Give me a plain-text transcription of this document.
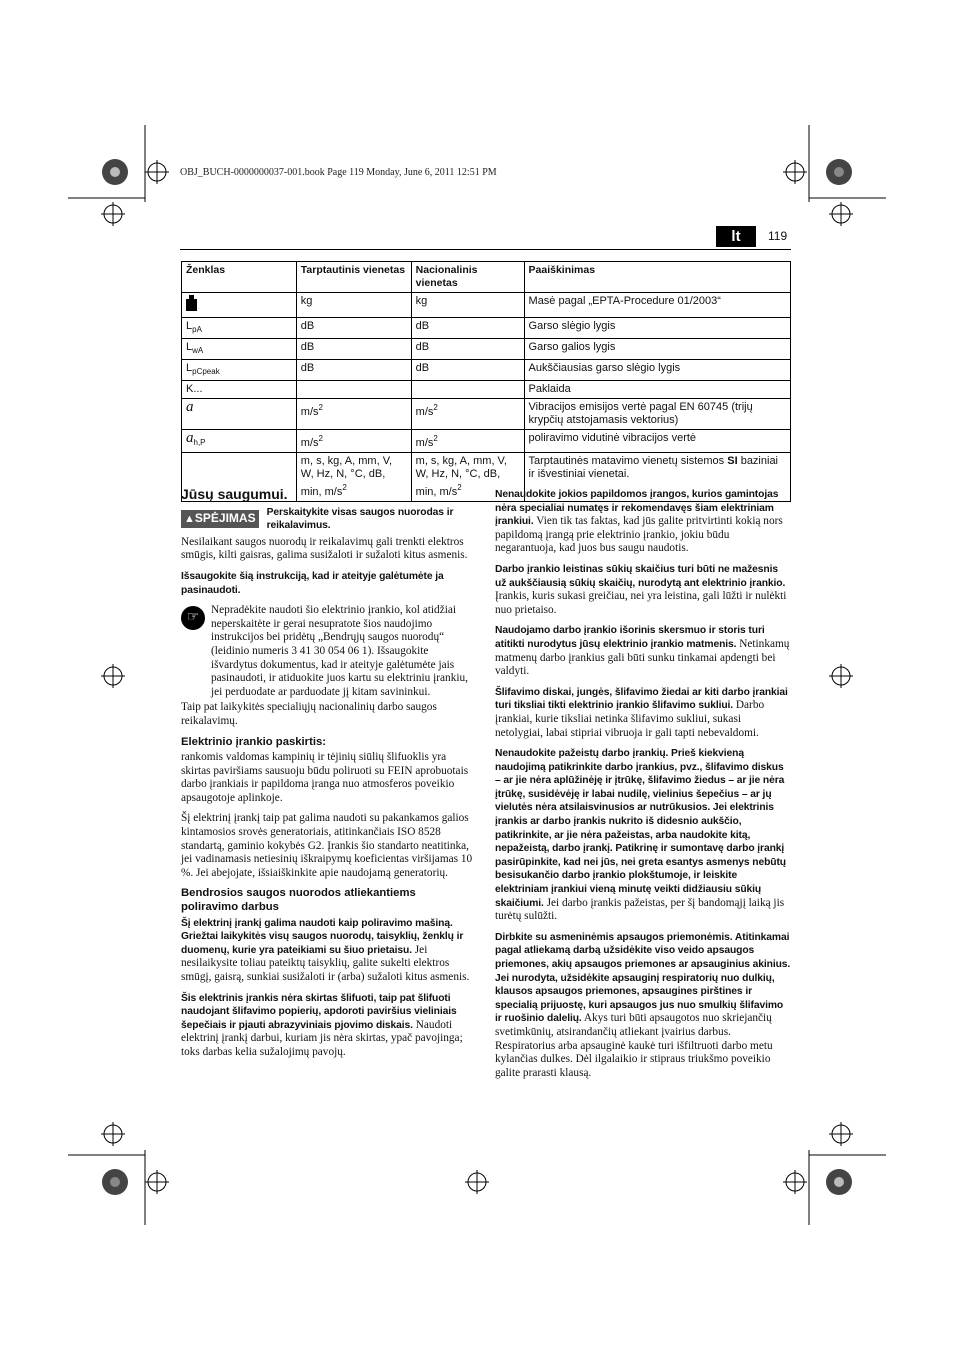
OBJ_BUCH-0000000037-001.book Page 119 Monday, June 6, 2011 12:51 PM
lt	119
Ženklas	Tarptautinis vienetas	Nacionalinis vienetas	Paaiškinimas
	kg	kg	Masė pagal „EPTA-Procedure 01/2003“
$L_{pA}$	dB	dB	Garso slėgio lygis
$L_{wA}$	dB	dB	Garso galios lygis
$L_{pCpeak}$	dB	dB	Aukščiausias garso slėgio lygis
K...			Paklaida
a	$m/s^2$	$m/s^2$	Vibracijos emisijos vertė pagal EN 60745 (trijų krypčių atstojamasis vektorius)
$a_{h,P}$	$m/s^2$	$m/s^2$	poliravimo vidutinė vibracijos vertė
	m, s, kg, A, mm, V, W, Hz, N, °C, dB, min, $m/s^2$	m, s, kg, A, mm, V, W, Hz, N, °C, dB, min, $m/s^2$	Tarptautinės matavimo vienetų sistemos SI baziniai ir išvestiniai vienetai.
Jūsų saugumui.
▲SPĖJIMAS Perskaitykite visas saugos nuorodas ir reikalavimus.

Nesilaikant saugos nuorodų ir reikalavimų gali trenkti elektros smūgis, kilti gaisras, galima susižaloti ir sužaloti kitus asmenis.

Išsaugokite šią instrukciją, kad ir ateityje galėtumėte ja pasinaudoti.

☞

Nepradėkite naudoti šio elektrinio įrankio, kol atidžiai neperskaitėte ir gerai nesupratote šios naudojimo instrukcijos bei pridėtų „Bendrųjų saugos nuorodų“ (leidinio numeris 3 41 30 054 06 1). Išsaugokite išvardytus dokumentus, kad ir ateityje galėtumėte jais pasinaudoti, ir atiduokite juos kartu su elektriniu įrankiu, jei perduodate ar parduodate jį kitam savininkui.

Taip pat laikykitės specialiųjų nacionalinių darbo saugos reikalavimų.

Elektrinio įrankio paskirtis:

rankomis valdomas kampinių ir tėjinių siūlių šlifuoklis yra skirtas paviršiams sausuoju būdu poliruoti su FEIN aprobuotais darbo įrankiais ir papildoma įranga nuo atmosferos poveikio apsaugotoje aplinkoje.

Šį elektrinį įrankį taip pat galima naudoti su pakankamos galios kintamosios srovės generatoriais, atitinkančiais ISO 8528 standartą, gaminio kokybės G2. Įrankis šio standarto neatitinka, jei vadinamasis netiesinių iškraipymų koeficientas viršijamas 10 %. Jei abejojate, išsiaiškinkite apie naudojamą generatorių.

Bendrosios saugos nuorodos atliekantiems poliravimo darbus

Šį elektrinį įrankį galima naudoti kaip poliravimo mašiną. Griežtai laikykitės visų saugos nuorodų, taisyklių, ženklų ir duomenų, kurie yra pateikiami su šiuo prietaisu. Jei nesilaikysite toliau pateiktų taisyklių, galite sukelti elektros smūgį, gaisrą, sunkiai susižaloti ir (arba) sužaloti kitus asmenis.

Šis elektrinis įrankis nėra skirtas šlifuoti, taip pat šlifuoti naudojant šlifavimo popierių, apdoroti paviršius vieliniais šepečiais ir pjauti abrazyviniais pjovimo diskais. Naudoti elektrinį įrankį darbui, kuriam jis nėra skirtas, ypač pavojinga; toks darbas kelia sužalojimų pavojų.

Nenaudokite jokios papildomos įrangos, kurios gamintojas nėra specialiai numatęs ir rekomendavęs šiam elektriniam įrankiui. Vien tik tas faktas, kad jūs galite pritvirtinti kokią nors papildomą įrangą prie elektrinio įrankio, jokiu būdu negarantuoja, kad juos bus saugu naudotis.

Darbo įrankio leistinas sūkių skaičius turi būti ne mažesnis už aukščiausią sūkių skaičių, nurodytą ant elektrinio įrankio. Įrankis, kuris sukasi greičiau, nei yra leistina, gali lūžti ir nulėkti nuo prietaiso.

Naudojamo darbo įrankio išorinis skersmuo ir storis turi atitikti nurodytus jūsų elektrinio įrankio matmenis. Netinkamų matmenų darbo įrankius gali būti sunku tinkamai apdengti bei valdyti.

Šlifavimo diskai, jungės, šlifavimo žiedai ar kiti darbo įrankiai turi tiksliai tikti elektrinio įrankio šlifavimo sukliui. Darbo įrankiai, kurie tiksliai netinka šlifavimo sukliui, sukasi netolygiai, labai stipriai vibruoja ir gali tapti nebevaldomi.

Nenaudokite pažeistų darbo įrankių. Prieš kiekvieną naudojimą patikrinkite darbo įrankius, pvz., šlifavimo diskus – ar jie nėra aplūžinėję ir įtrūkę, šlifavimo žiedus – ar jie nėra įtrūkę, susidėvėję ir labai nudilę, vielinius šepečius – ar jų vielutės nėra atsilaisvinusios ar nutrūkusios. Jei elektrinis įrankis ar darbo įrankis nukrito iš didesnio aukščio, patikrinkite, ar jie nėra pažeistas, arba naudokite kitą, nepažeistą, darbo įrankį. Patikrinę ir sumontavę darbo įrankį pasirūpinkite, kad nei jūs, nei greta esantys asmenys nebūtų besisukančio darbo įrankio plokštumoje, ir leiskite elektriniam įrankiui vieną minutę veikti didžiausiu sūkių skaičiumi. Jei darbo įrankis pažeistas, per šį bandomąjį laiką jis turėtų sulūžti.

Dirbkite su asmeninėmis apsaugos priemonėmis. Atitinkamai pagal atliekamą darbą užsidėkite viso veido apsaugos priemones, akių apsaugos priemones ar apsauginius akinius. Jei nurodyta, užsidėkite apsauginį respiratorių nuo dulkių, klausos apsaugos priemones, apsaugines pirštines ir specialią prijuostę, kuri apsaugos jus nuo smulkių šlifavimo ir ruošinio dalelių. Akys turi būti apsaugotos nuo skriejančių svetimkūnių, atsirandančių atliekant įvairius darbus. Respiratorius arba apsauginė kaukė turi išfiltruoti darbo metu kylančias dulkes. Dėl ilgalaikio ir stipraus triukšmo poveikio galite prarasti klausą.
